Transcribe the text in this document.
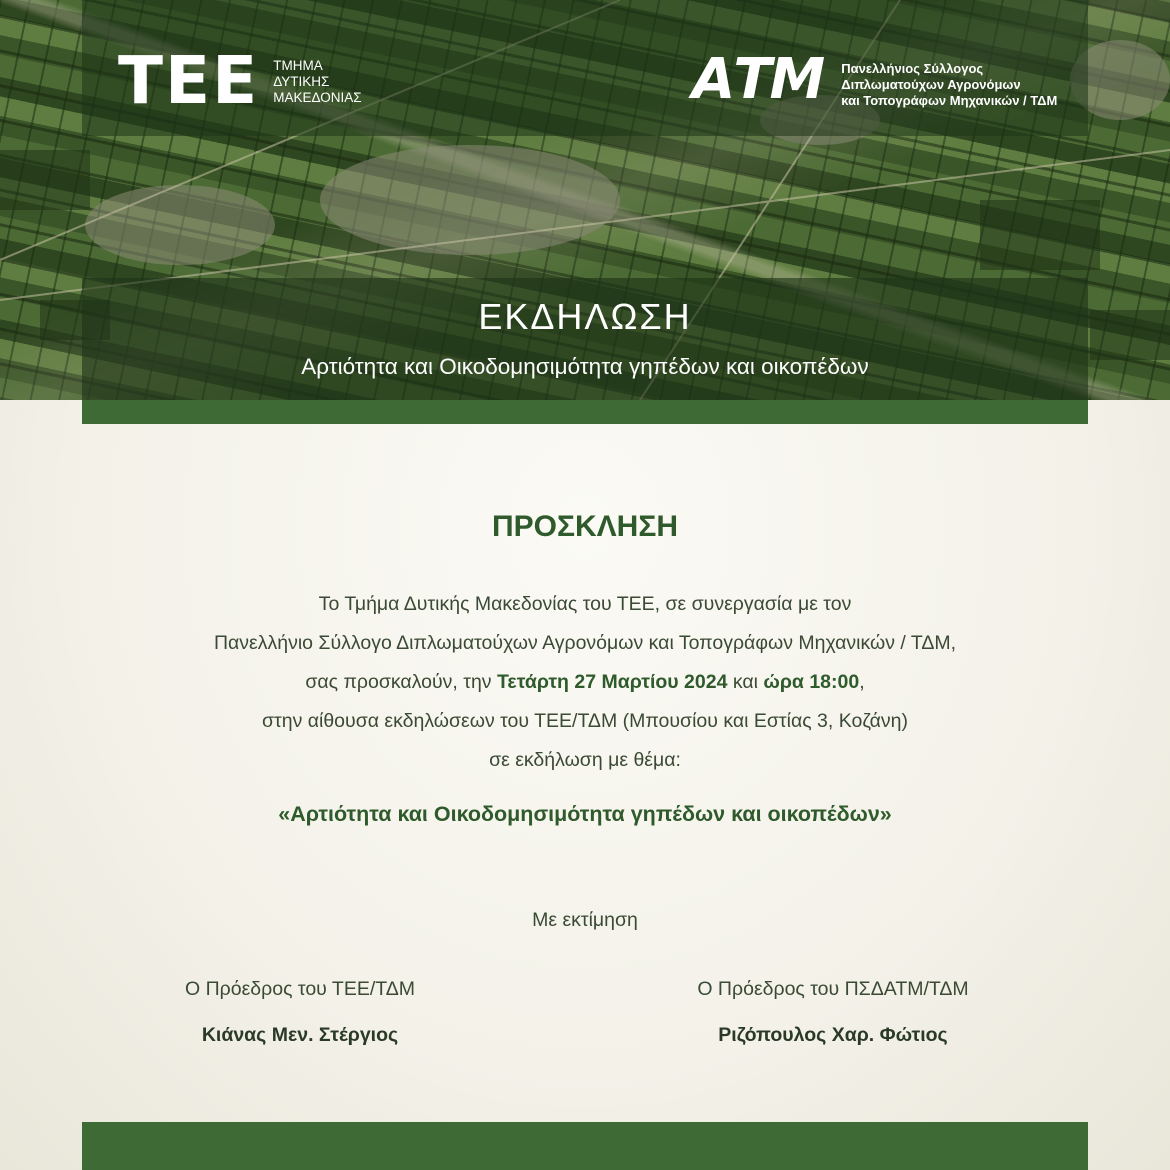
ΤΕΕ ΤΜΗΜΑ
ΔΥΤΙΚΗΣ
ΜΑΚΕΔΟΝΙΑΣ	ΑΤΜ Πανελλήνιος Σύλλογος
Διπλωματούχων Αγρονόμων
και Τοπογράφων Μηχανικών / ΤΔΜ
ΕΚΔΗΛΩΣΗ
Αρτιότητα και Οικοδομησιμότητα γηπέδων και οικοπέδων
ΠΡΟΣΚΛΗΣΗ
Το Τμήμα Δυτικής Μακεδονίας του ΤΕΕ, σε συνεργασία με τον
Πανελλήνιο Σύλλογο Διπλωματούχων Αγρονόμων και Τοπογράφων Μηχανικών / ΤΔΜ,
σας προσκαλούν, την Τετάρτη 27 Μαρτίου 2024 και ώρα 18:00,
στην αίθουσα εκδηλώσεων του ΤΕΕ/ΤΔΜ (Μπουσίου και Εστίας 3, Κοζάνη)
σε εκδήλωση με θέμα:
«Αρτιότητα και Οικοδομησιμότητα γηπέδων και οικοπέδων»
Με εκτίμηση
Ο Πρόεδρος του ΤΕΕ/ΤΔΜ
Κιάνας Μεν. Στέργιος
Ο Πρόεδρος του ΠΣΔΑΤΜ/ΤΔΜ
Ριζόπουλος Χαρ. Φώτιος
